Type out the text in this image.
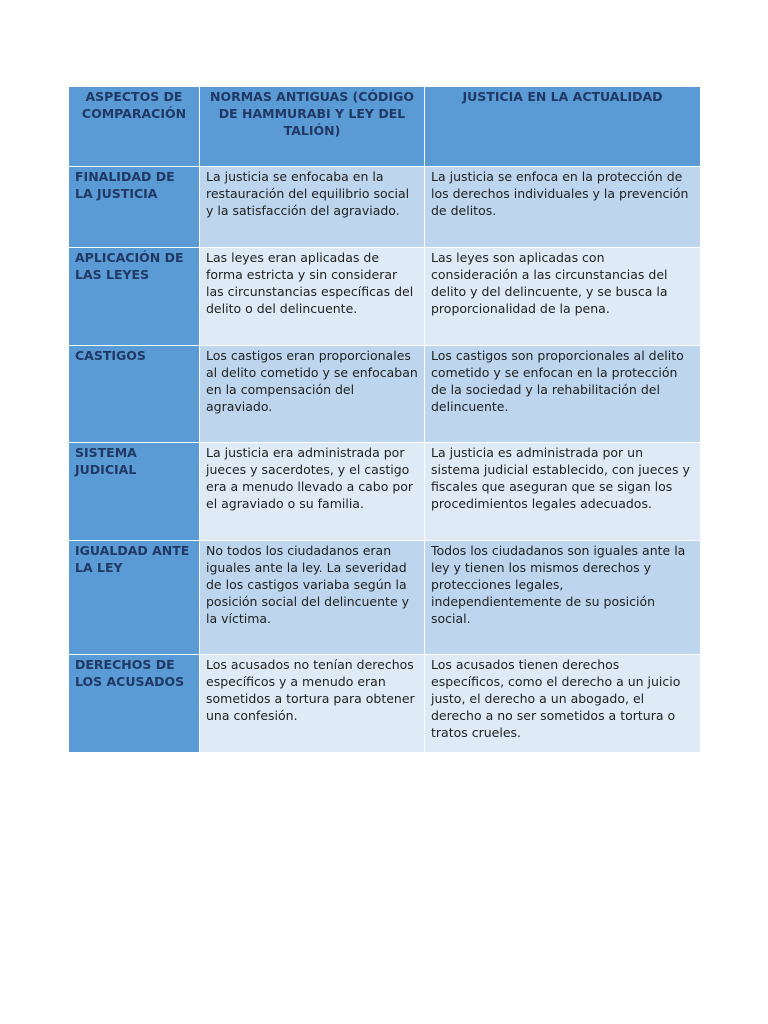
ASPECTOS DE COMPARACIÓN	NORMAS ANTIGUAS (CÓDIGO DE HAMMURABI Y LEY DEL TALIÓN)	JUSTICIA EN LA ACTUALIDAD
FINALIDAD DE LA JUSTICIA	La justicia se enfocaba en la restauración del equilibrio social y la satisfacción del agraviado.	La justicia se enfoca en la protección de los derechos individuales y la prevención de delitos.
APLICACIÓN DE LAS LEYES	Las leyes eran aplicadas de forma estricta y sin considerar las circunstancias específicas del delito o del delincuente.	Las leyes son aplicadas con consideración a las circunstancias del delito y del delincuente, y se busca la proporcionalidad de la pena.
CASTIGOS	Los castigos eran proporcionales al delito cometido y se enfocaban en la compensación del agraviado.	Los castigos son proporcionales al delito cometido y se enfocan en la protección de la sociedad y la rehabilitación del delincuente.
SISTEMA JUDICIAL	La justicia era administrada por jueces y sacerdotes, y el castigo era a menudo llevado a cabo por el agraviado o su familia.	La justicia es administrada por un sistema judicial establecido, con jueces y fiscales que aseguran que se sigan los procedimientos legales adecuados.
IGUALDAD ANTE LA LEY	No todos los ciudadanos eran iguales ante la ley. La severidad de los castigos variaba según la posición social del delincuente y la víctima.	Todos los ciudadanos son iguales ante la ley y tienen los mismos derechos y protecciones legales, independientemente de su posición social.
DERECHOS DE LOS ACUSADOS	Los acusados no tenían derechos específicos y a menudo eran sometidos a tortura para obtener una confesión.	Los acusados tienen derechos específicos, como el derecho a un juicio justo, el derecho a un abogado, el derecho a no ser sometidos a tortura o tratos crueles.
